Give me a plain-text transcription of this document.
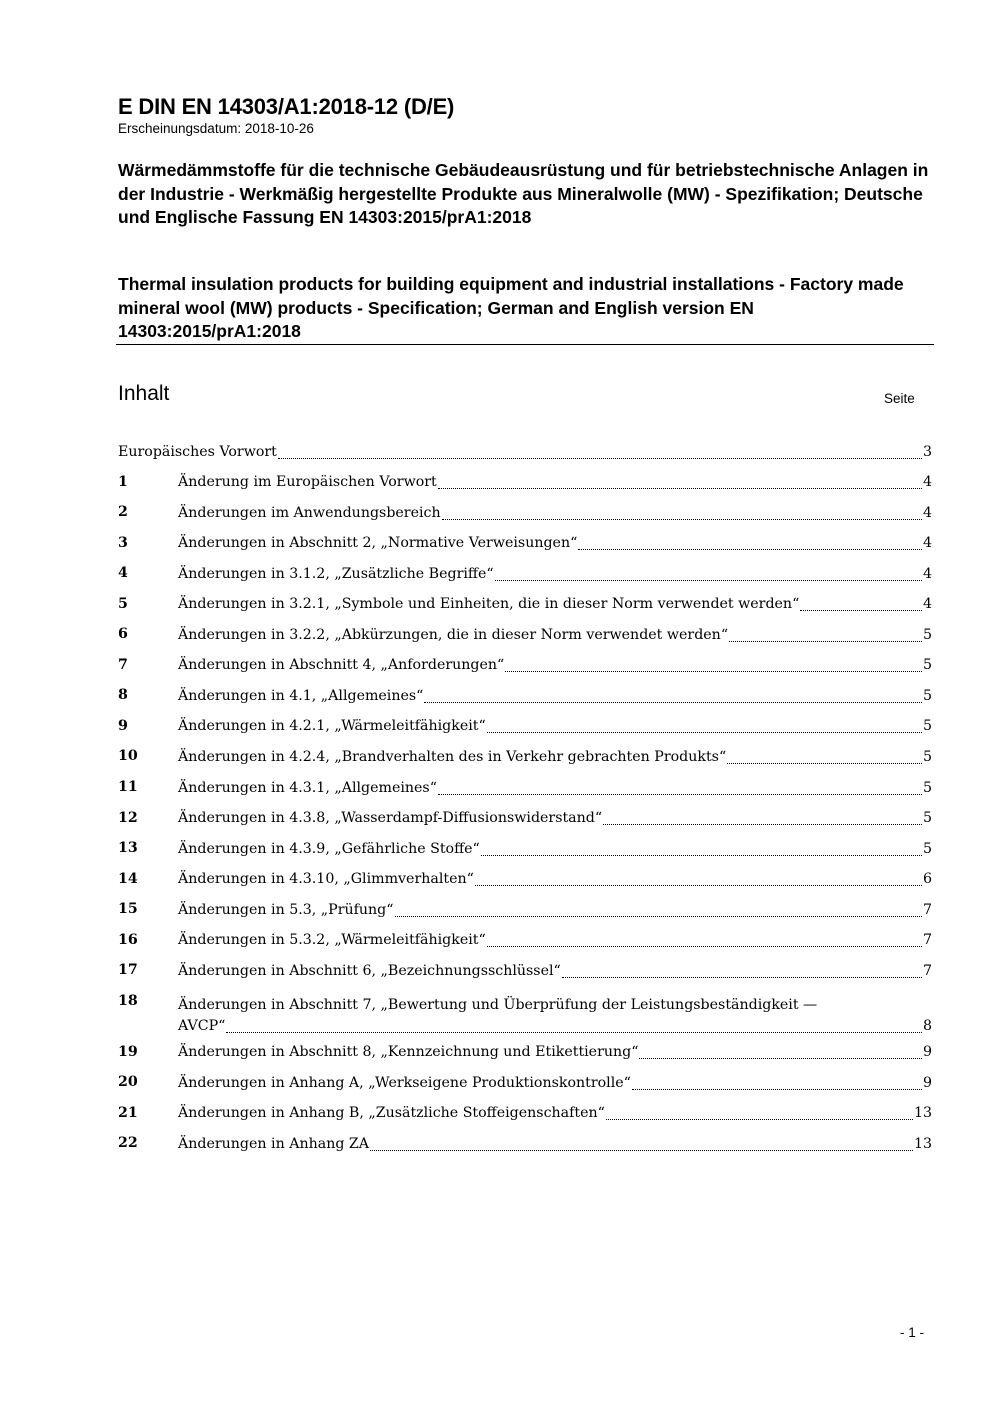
E DIN EN 14303/A1:2018-12 (D/E)
Erscheinungsdatum: 2018-10-26
Wärmedämmstoffe für die technische Gebäudeausrüstung und für betriebstechnische Anlagen in der Industrie - Werkmäßig hergestellte Produkte aus Mineralwolle (MW) - Spezifikation; Deutsche und Englische Fassung EN 14303:2015/prA1:2018
Thermal insulation products for building equipment and industrial installations - Factory made mineral wool (MW) products - Specification; German and English version EN 14303:2015/prA1:2018
Inhalt	Seite
Europäisches Vorwort	3
1	Änderung im Europäischen Vorwort	4
2	Änderungen im Anwendungsbereich	4
3	Änderungen in Abschnitt 2, „Normative Verweisungen“	4
4	Änderungen in 3.1.2, „Zusätzliche Begriffe“	4
5	Änderungen in 3.2.1, „Symbole und Einheiten, die in dieser Norm verwendet werden“	4
6	Änderungen in 3.2.2, „Abkürzungen, die in dieser Norm verwendet werden“	5
7	Änderungen in Abschnitt 4, „Anforderungen“	5
8	Änderungen in 4.1, „Allgemeines“	5
9	Änderungen in 4.2.1, „Wärmeleitfähigkeit“	5
10	Änderungen in 4.2.4, „Brandverhalten des in Verkehr gebrachten Produkts“	5
11	Änderungen in 4.3.1, „Allgemeines“	5
12	Änderungen in 4.3.8, „Wasserdampf-Diffusionswiderstand“	5
13	Änderungen in 4.3.9, „Gefährliche Stoffe“	5
14	Änderungen in 4.3.10, „Glimmverhalten“	6
15	Änderungen in 5.3, „Prüfung“	7
16	Änderungen in 5.3.2, „Wärmeleitfähigkeit“	7
17	Änderungen in Abschnitt 6, „Bezeichnungsschlüssel“	7
18	Änderungen in Abschnitt 7, „Bewertung und Überprüfung der Leistungsbeständigkeit —
AVCP“	8
19	Änderungen in Abschnitt 8, „Kennzeichnung und Etikettierung“	9
20	Änderungen in Anhang A, „Werkseigene Produktionskontrolle“	9
21	Änderungen in Anhang B, „Zusätzliche Stoffeigenschaften“	13
22	Änderungen in Anhang ZA	13
- 1 -
